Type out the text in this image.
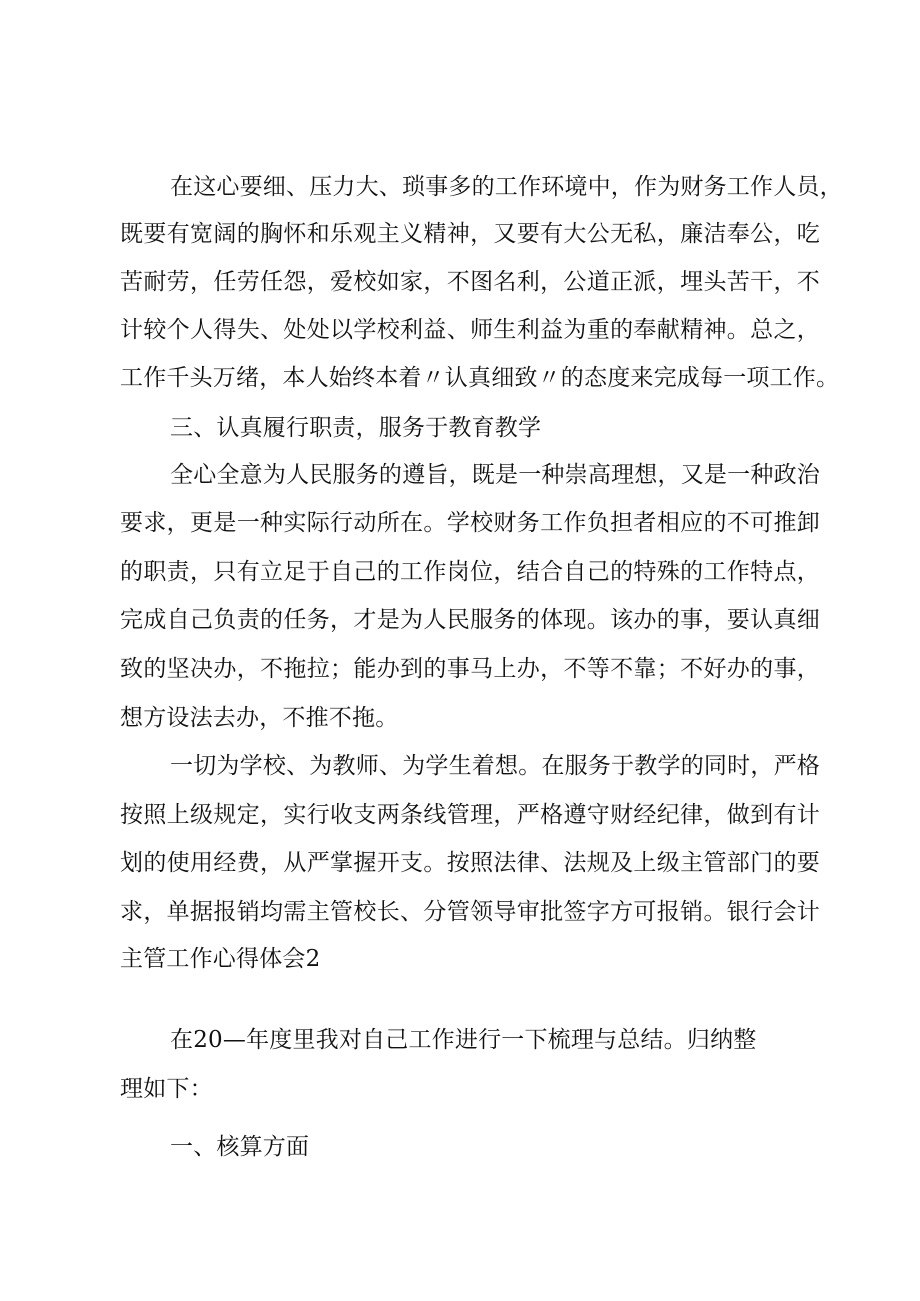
在这心要细、压力大、琐事多的工作环境中，作为财务工作人员，

既要有宽阔的胸怀和乐观主义精神，又要有大公无私，廉洁奉公，吃

苦耐劳，任劳任怨，爱校如家，不图名利，公道正派，埋头苦干，不

计较个人得失、处处以学校利益、师生利益为重的奉献精神。总之，

工作千头万绪，本人始终本着〃认真细致〃的态度来完成每一项工作。

三、认真履行职责，服务于教育教学

全心全意为人民服务的遵旨，既是一种崇高理想，又是一种政治

要求，更是一种实际行动所在。学校财务工作负担者相应的不可推卸

的职责，只有立足于自己的工作岗位，结合自己的特殊的工作特点，

完成自己负责的任务，才是为人民服务的体现。该办的事，要认真细

致的坚决办，不拖拉；能办到的事马上办，不等不靠；不好办的事，

想方设法去办，不推不拖。

一切为学校、为教师、为学生着想。在服务于教学的同时，严格

按照上级规定，实行收支两条线管理，严格遵守财经纪律，做到有计

划的使用经费，从严掌握开支。按照法律、法规及上级主管部门的要

求，单据报销均需主管校长、分管领导审批签字方可报销。银行会计

主管工作心得体会2

在20—年度里我对自己工作进行一下梳理与总结。归纳整

理如下：

一、核算方面
